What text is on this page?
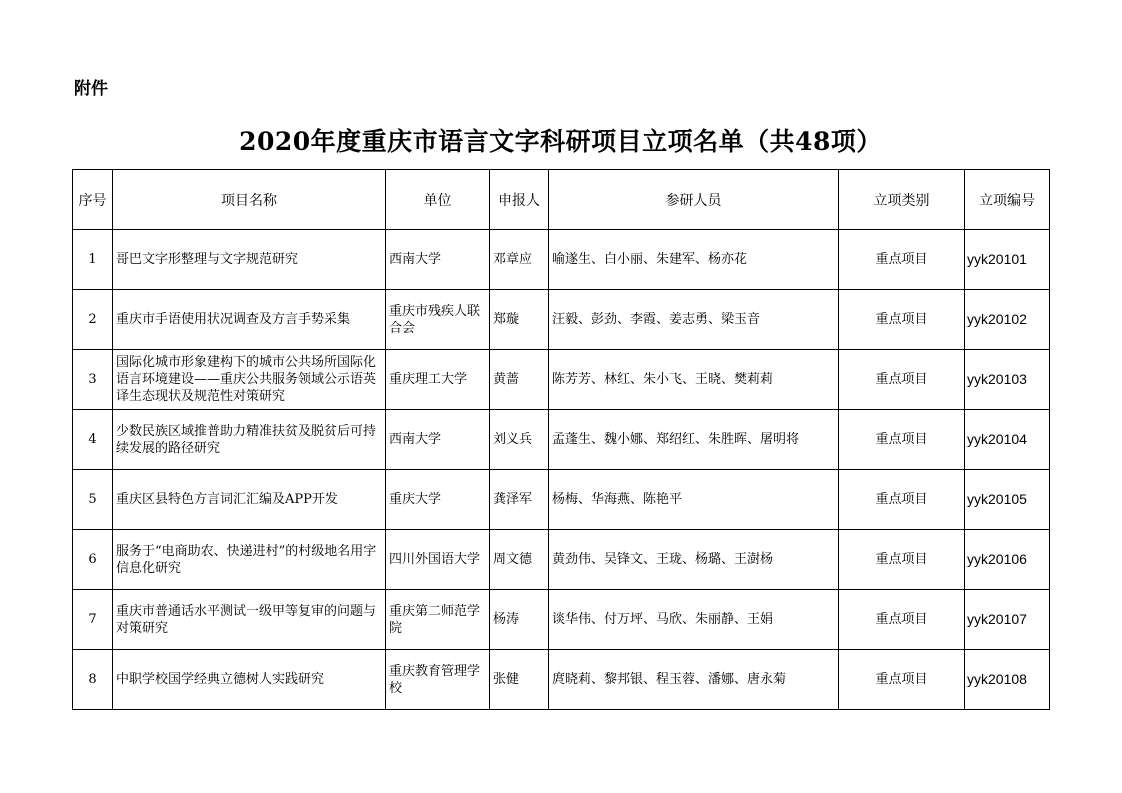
附件
2020年度重庆市语言文字科研项目立项名单（共48项）
序号	项目名称	单位	申报人	参研人员	立项类别	立项编号
1	哥巴文字形整理与文字规范研究	西南大学	邓章应	喻遂生、白小丽、朱建军、杨亦花	重点项目	yyk20101
2	重庆市手语使用状况调查及方言手势采集	重庆市残疾人联合会	郑璇	汪毅、彭劲、李霞、姜志勇、梁玉音	重点项目	yyk20102
3	国际化城市形象建构下的城市公共场所国际化语言环境建设——重庆公共服务领域公示语英译生态现状及规范性对策研究	重庆理工大学	黄蔷	陈芳芳、林红、朱小飞、王晓、樊莉莉	重点项目	yyk20103
4	少数民族区域推普助力精准扶贫及脱贫后可持续发展的路径研究	西南大学	刘义兵	孟蓬生、魏小娜、郑绍红、朱胜晖、屠明将	重点项目	yyk20104
5	重庆区县特色方言词汇汇编及APP开发	重庆大学	龚泽军	杨梅、华海燕、陈艳平	重点项目	yyk20105
6	服务于“电商助农、快递进村”的村级地名用字信息化研究	四川外国语大学	周文德	黄劲伟、吴锋文、王珑、杨璐、王澍杨	重点项目	yyk20106
7	重庆市普通话水平测试一级甲等复审的问题与对策研究	重庆第二师范学院	杨涛	谈华伟、付万坪、马欣、朱丽静、王娟	重点项目	yyk20107
8	中职学校国学经典立德树人实践研究	重庆教育管理学校	张健	庹晓莉、黎邦银、程玉蓉、潘娜、唐永菊	重点项目	yyk20108
